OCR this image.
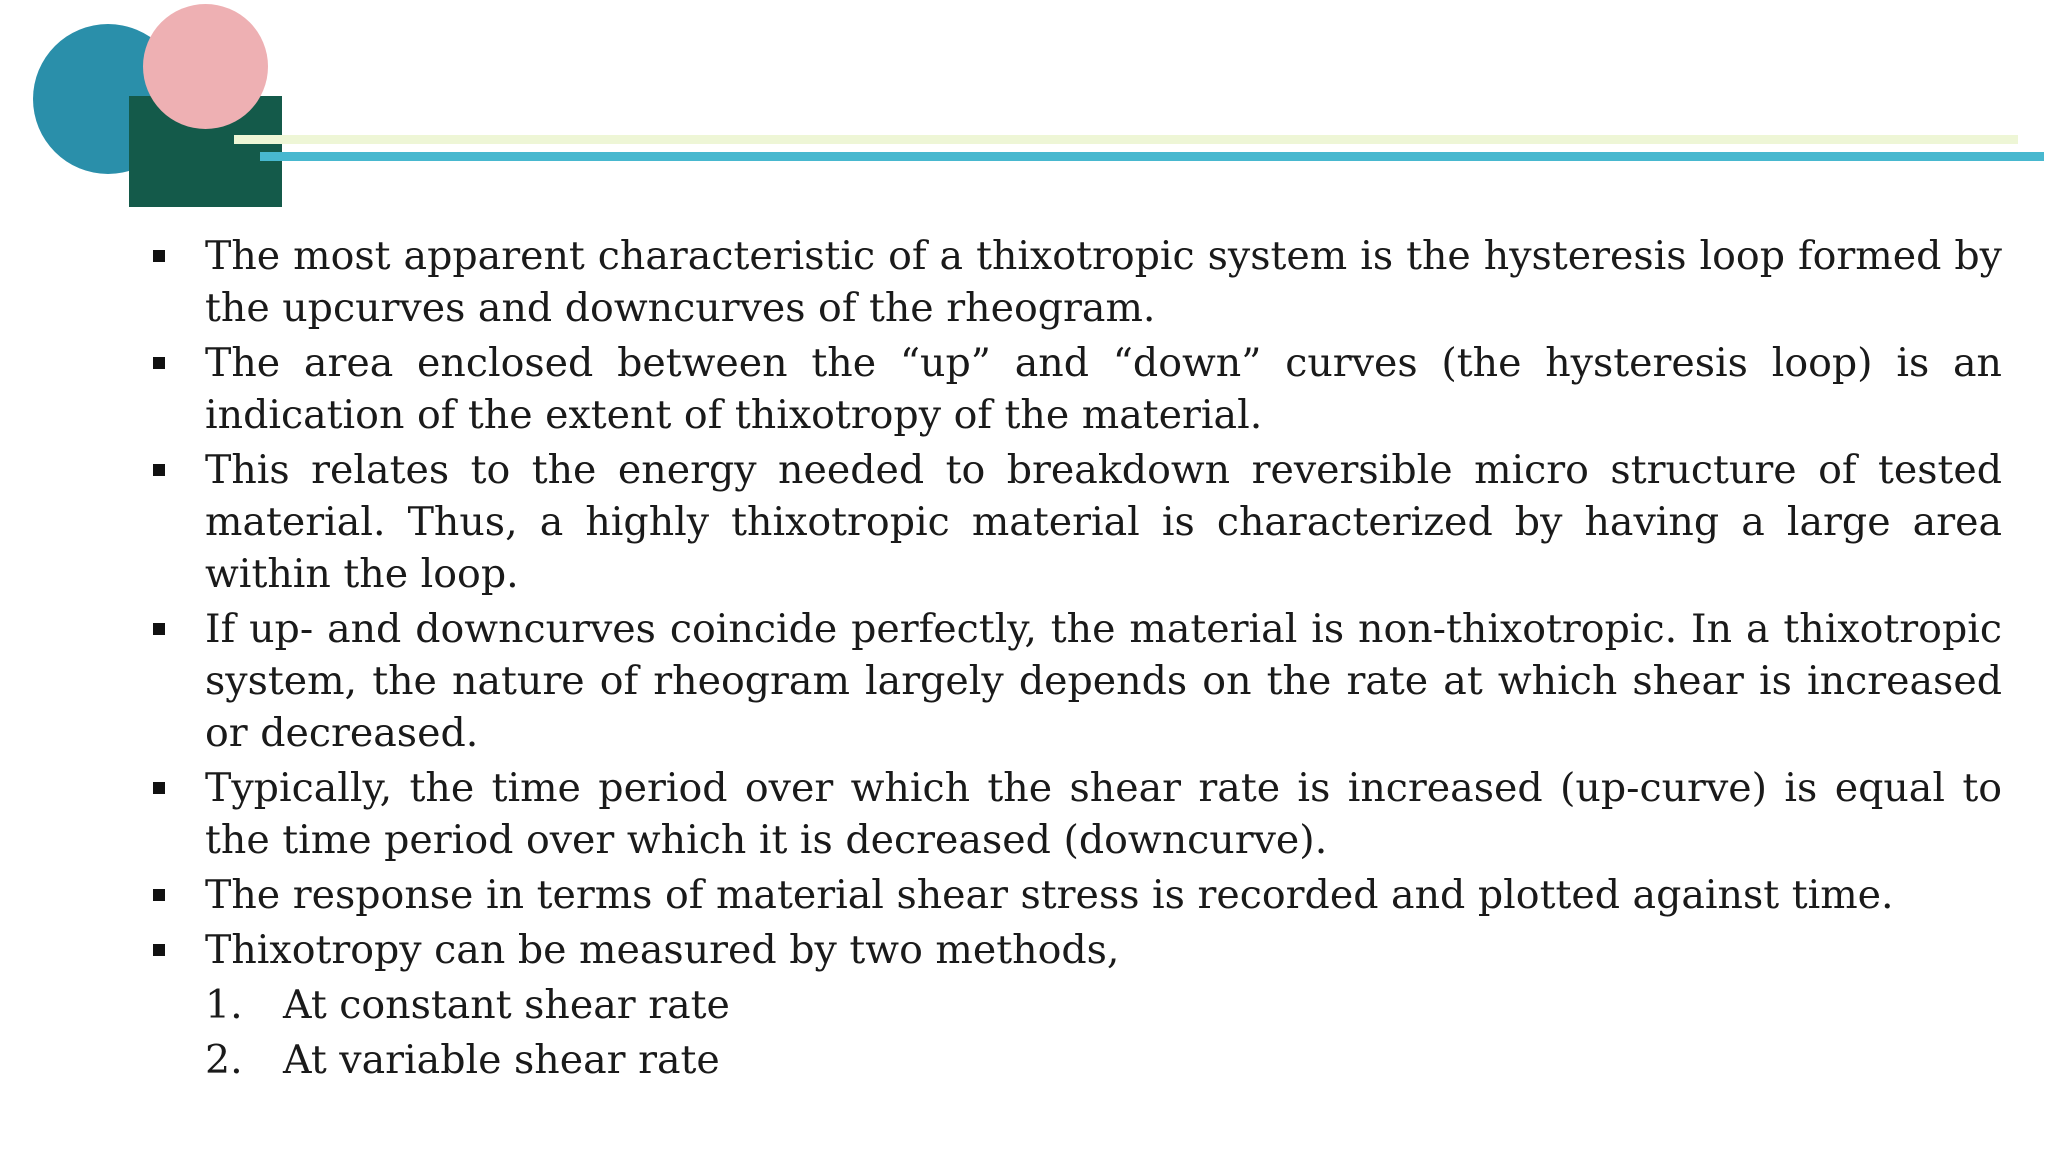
The most apparent characteristic of a thixotropic system is the hysteresis loop formed by the upcurves and downcurves of the rheogram.
The area enclosed between the “up” and “down” curves (the hysteresis loop) is an indication of the extent of thixotropy of the material.
This relates to the energy needed to breakdown reversible micro structure of tested material. Thus, a highly thixotropic material is characterized by having a large area within the loop.
If up- and downcurves coincide perfectly, the material is non-thixotropic. In a thixotropic system, the nature of rheogram largely depends on the rate at which shear is increased or decreased.
Typically, the time period over which the shear rate is increased (up-curve) is equal to the time period over which it is decreased (downcurve).
The response in terms of material shear stress is recorded and plotted against time.
Thixotropy can be measured by two methods,
1. At constant shear rate
2. At variable shear rate
